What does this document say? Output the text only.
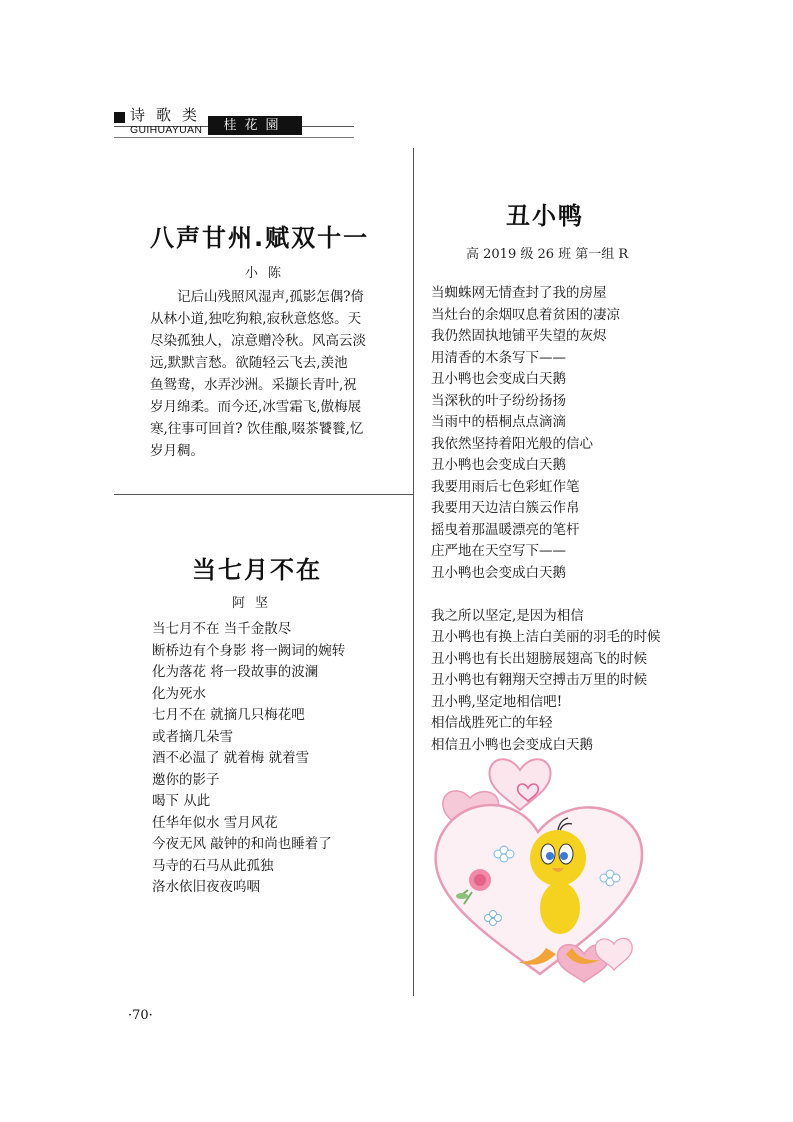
诗歌类
GUIHUAYUAN	桂花園
八声甘州.赋双十一
小陈
记后山残照风湿声,孤影怎偶?倚
从林小道,独吃狗粮,寂秋意悠悠。天
尽染孤独人，凉意赠冷秋。风高云淡
远,默默言愁。欲随轻云飞去,羡池
鱼鸳鸯，水弄沙洲。采撷长青叶,祝
岁月绵柔。而今还,冰雪霜飞,傲梅展
寒,往事可回首? 饮佳酿,啜茶饕餮,忆
岁月稠。
当七月不在
阿坚
当七月不在 当千金散尽
断桥边有个身影 将一阙词的婉转
化为落花 将一段故事的波澜
化为死水
七月不在 就摘几只梅花吧
或者摘几朵雪
酒不必温了 就着梅 就着雪
邀你的影子
喝下 从此
任华年似水 雪月风花
今夜无风 敲钟的和尚也睡着了
马寺的石马从此孤独
洛水依旧夜夜呜咽
丑小鸭
高 2019 级 26 班 第一组 R
当蜘蛛网无情查封了我的房屋
当灶台的余烟叹息着贫困的凄凉
我仍然固执地铺平失望的灰烬
用清香的木条写下——
丑小鸭也会变成白天鹅
当深秋的叶子纷纷扬扬
当雨中的梧桐点点滴滴
我依然坚持着阳光般的信心
丑小鸭也会变成白天鹅
我要用雨后七色彩虹作笔
我要用天边洁白簇云作帛
摇曳着那温暖漂亮的笔杆
庄严地在天空写下——
丑小鸭也会变成白天鹅
我之所以坚定,是因为相信
丑小鸭也有换上洁白美丽的羽毛的时候
丑小鸭也有长出翅膀展翅高飞的时候
丑小鸭也有翱翔天空搏击万里的时候
丑小鸭,坚定地相信吧!
相信战胜死亡的年轻
相信丑小鸭也会变成白天鹅
·70·
